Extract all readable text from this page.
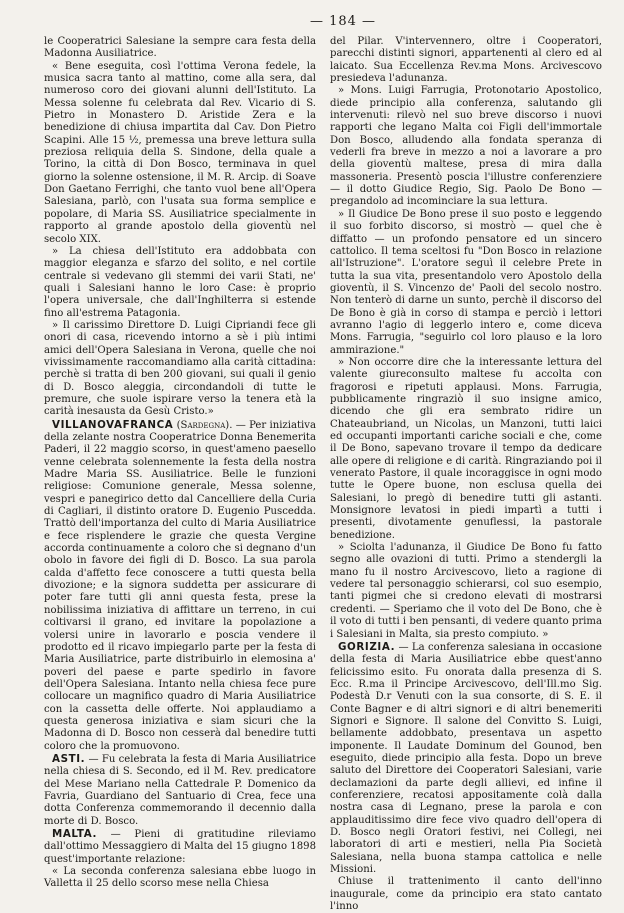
— 184 —

le Cooperatrici Salesiane la sempre cara festa della Madonna Ausiliatrice.

« Bene eseguita, così l'ottima Verona fedele, la musica sacra tanto al mattino, come alla sera, dal numeroso coro dei giovani alunni dell'Istituto. La Messa solenne fu celebrata dal Rev. Vicario di S. Pietro in Monastero D. Aristide Zera e la benedizione di chiusa impartita dal Cav. Don Pietro Scapini. Alle 15 ½, premessa una breve lettura sulla preziosa reliquia della S. Sindone, della quale a Torino, la città di Don Bosco, terminava in quel giorno la solenne ostensione, il M. R. Arcip. di Soave Don Gaetano Ferrighi, che tanto vuol bene all'Opera Salesiana, parlò, con l'usata sua forma semplice e popolare, di Maria SS. Ausiliatrice specialmente in rapporto al grande apostolo della gioventù nel secolo XIX.

» La chiesa dell'Istituto era addobbata con maggior eleganza e sfarzo del solito, e nel cortile centrale si vedevano gli stemmi dei varii Stati, ne' quali i Salesiani hanno le loro Case: è proprio l'opera universale, che dall'Inghilterra si estende fino all'estrema Patagonia.

» Il carissimo Direttore D. Luigi Cipriandi fece gli onori di casa, ricevendo intorno a sè i più intimi amici dell'Opera Salesiana in Verona, quelle che noi vivissimamente raccomandiamo alla carità cittadina: perchè si tratta di ben 200 giovani, sui quali il genio di D. Bosco aleggia, circondandoli di tutte le premure, che suole ispirare verso la tenera età la carità inesausta da Gesù Cristo.»

VILLANOVAFRANCA (Sardegna). — Per iniziativa della zelante nostra Cooperatrice Donna Benemerita Paderi, il 22 maggio scorso, in quest'ameno paesello venne celebrata solennemente la festa della nostra Madre Maria SS. Ausiliatrice. Belle le funzioni religiose: Comunione generale, Messa solenne, vespri e panegirico detto dal Cancelliere della Curia di Cagliari, il distinto oratore D. Eugenio Puscedda. Trattò dell'importanza del culto di Maria Ausiliatrice e fece risplendere le grazie che questa Vergine accorda continuamente a coloro che si degnano d'un obolo in favore dei figli di D. Bosco. La sua parola calda d'affetto fece conoscere a tutti questa bella divozione; e la signora suddetta per assicurare di poter fare tutti gli anni questa festa, prese la nobilissima iniziativa di affittare un terreno, in cui coltivarsi il grano, ed invitare la popolazione a volersi unire in lavorarlo e poscia vendere il prodotto ed il ricavo impiegarlo parte per la festa di Maria Ausiliatrice, parte distribuirlo in elemosina a' poveri del paese e parte spedirlo in favore dell'Opera Salesiana. Intanto nella chiesa fece pure collocare un magnifico quadro di Maria Ausiliatrice con la cassetta delle offerte. Noi applaudiamo a questa generosa iniziativa e siam sicuri che la Madonna di D. Bosco non cesserà dal benedire tutti coloro che la promuovono.

ASTI. — Fu celebrata la festa di Maria Ausiliatrice nella chiesa di S. Secondo, ed il M. Rev. predicatore del Mese Mariano nella Cattedrale P. Domenico da Favria, Guardiano del Santuario di Crea, fece una dotta Conferenza commemorando il decennio dalla morte di D. Bosco.

MALTA. — Pieni di gratitudine rileviamo dall'ottimo Messaggiero di Malta del 15 giugno 1898 quest'importante relazione:

« La seconda conferenza salesiana ebbe luogo in Valletta il 25 dello scorso mese nella Chiesa

del Pilar. V'intervennero, oltre i Cooperatori, parecchi distinti signori, appartenenti al clero ed al laicato. Sua Eccellenza Rev.ma Mons. Arcivescovo presiedeva l'adunanza.

» Mons. Luigi Farrugia, Protonotario Apostolico, diede principio alla conferenza, salutando gli intervenuti: rilevò nel suo breve discorso i nuovi rapporti che legano Malta coi Figli dell'immortale Don Bosco, alludendo alla fondata speranza di vederli fra breve in mezzo a noi a lavorare a pro della gioventù maltese, presa di mira dalla massoneria. Presentò poscia l'illustre conferenziere — il dotto Giudice Regio, Sig. Paolo De Bono — pregandolo ad incominciare la sua lettura.

» Il Giudice De Bono prese il suo posto e leggendo il suo forbito discorso, si mostrò — quel che è diffatto — un profondo pensatore ed un sincero cattolico. Il tema sceltosi fu "Don Bosco in relazione all'Istruzione". L'oratore seguì il celebre Prete in tutta la sua vita, presentandolo vero Apostolo della gioventù, il S. Vincenzo de' Paoli del secolo nostro. Non tenterò di darne un sunto, perchè il discorso del De Bono è già in corso di stampa e perciò i lettori avranno l'agio di leggerlo intero e, come diceva Mons. Farrugia, "seguirlo col loro plauso e la loro ammirazione."

» Non occorre dire che la interessante lettura del valente giureconsulto maltese fu accolta con fragorosi e ripetuti applausi. Mons. Farrugia, pubblicamente ringraziò il suo insigne amico, dicendo che gli era sembrato ridire un Chateaubriand, un Nicolas, un Manzoni, tutti laici ed occupanti importanti cariche sociali e che, come il De Bono, sapevano trovare il tempo da dedicare alle opere di religione e di carità. Ringraziando poi il venerato Pastore, il quale incoraggisce in ogni modo tutte le Opere buone, non esclusa quella dei Salesiani, lo pregò di benedire tutti gli astanti. Monsignore levatosi in piedi impartì a tutti i presenti, divotamente genuflessi, la pastorale benedizione.

» Sciolta l'adunanza, il Giudice De Bono fu fatto segno alle ovazioni di tutti. Primo a stendergli la mano fu il nostro Arcivescovo, lieto a ragione di vedere tal personaggio schierarsi, col suo esempio, tanti pigmei che si credono elevati di mostrarsi credenti. — Speriamo che il voto del De Bono, che è il voto di tutti i ben pensanti, di vedere quanto prima i Salesiani in Malta, sia presto compiuto. »

GORIZIA. — La conferenza salesiana in occasione della festa di Maria Ausiliatrice ebbe quest'anno felicissimo esito. Fu onorata dalla presenza di S. Ecc. R.ma il Principe Arcivescovo, dell'Ill.mo Sig. Podestà D.r Venuti con la sua consorte, di S. E. il Conte Bagner e di altri signori e di altri benemeriti Signori e Signore. Il salone del Convitto S. Luigi, bellamente addobbato, presentava un aspetto imponente. Il Laudate Dominum del Gounod, ben eseguito, diede principio alla festa. Dopo un breve saluto del Direttore dei Cooperatori Salesiani, varie declamazioni da parte degli allievi, ed infine il conferenziere, recatosi appositamente colà dalla nostra casa di Legnano, prese la parola e con applauditissimo dire fece vivo quadro dell'opera di D. Bosco negli Oratori festivi, nei Collegi, nei laboratori di arti e mestieri, nella Pia Società Salesiana, nella buona stampa cattolica e nelle Missioni.

Chiuse il trattenimento il canto dell'inno inaugurale, come da principio era stato cantato l'inno
